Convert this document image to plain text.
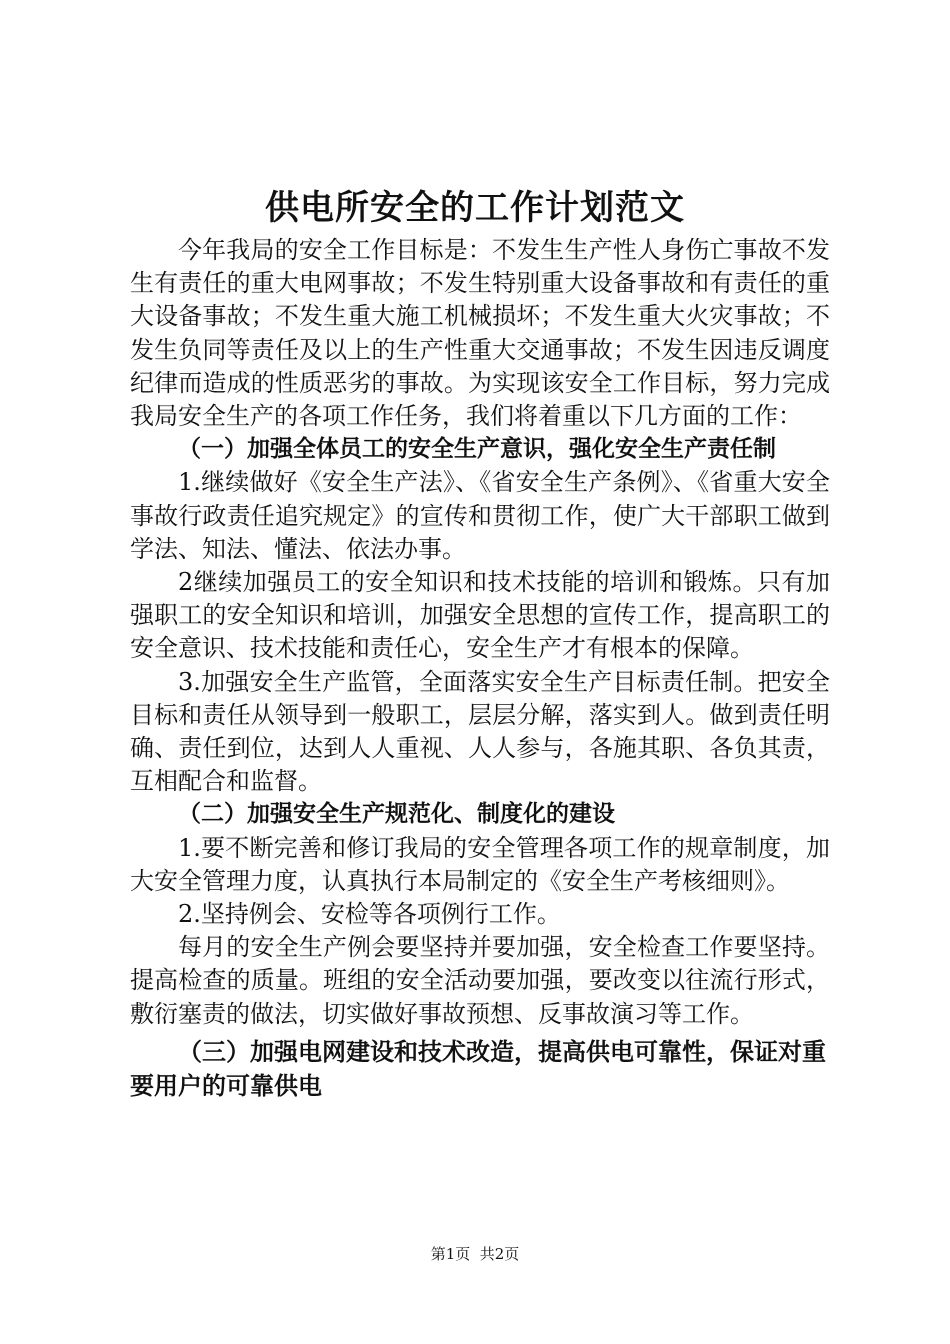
供电所安全的工作计划范文

今年我局的安全工作目标是：不发生生产性人身伤亡事故不发生有责任的重大电网事故；不发生特别重大设备事故和有责任的重大设备事故；不发生重大施工机械损坏；不发生重大火灾事故；不发生负同等责任及以上的生产性重大交通事故；不发生因违反调度纪律而造成的性质恶劣的事故。为实现该安全工作目标，努力完成我局安全生产的各项工作任务，我们将着重以下几方面的工作：

（一）加强全体员工的安全生产意识，强化安全生产责任制

1.继续做好《安全生产法》、《省安全生产条例》、《省重大安全事故行政责任追究规定》的宣传和贯彻工作，使广大干部职工做到学法、知法、懂法、依法办事。

2继续加强员工的安全知识和技术技能的培训和锻炼。只有加强职工的安全知识和培训，加强安全思想的宣传工作，提高职工的安全意识、技术技能和责任心，安全生产才有根本的保障。

3.加强安全生产监管，全面落实安全生产目标责任制。把安全目标和责任从领导到一般职工，层层分解，落实到人。做到责任明确、责任到位，达到人人重视、人人参与，各施其职、各负其责，互相配合和监督。

（二）加强安全生产规范化、制度化的建设

1.要不断完善和修订我局的安全管理各项工作的规章制度，加大安全管理力度，认真执行本局制定的《安全生产考核细则》。

2.坚持例会、安检等各项例行工作。

每月的安全生产例会要坚持并要加强，安全检查工作要坚持。提高检查的质量。班组的安全活动要加强，要改变以往流行形式，敷衍塞责的做法，切实做好事故预想、反事故演习等工作。

（三）加强电网建设和技术改造，提高供电可靠性，保证对重要用户的可靠供电

第1页  共2页
